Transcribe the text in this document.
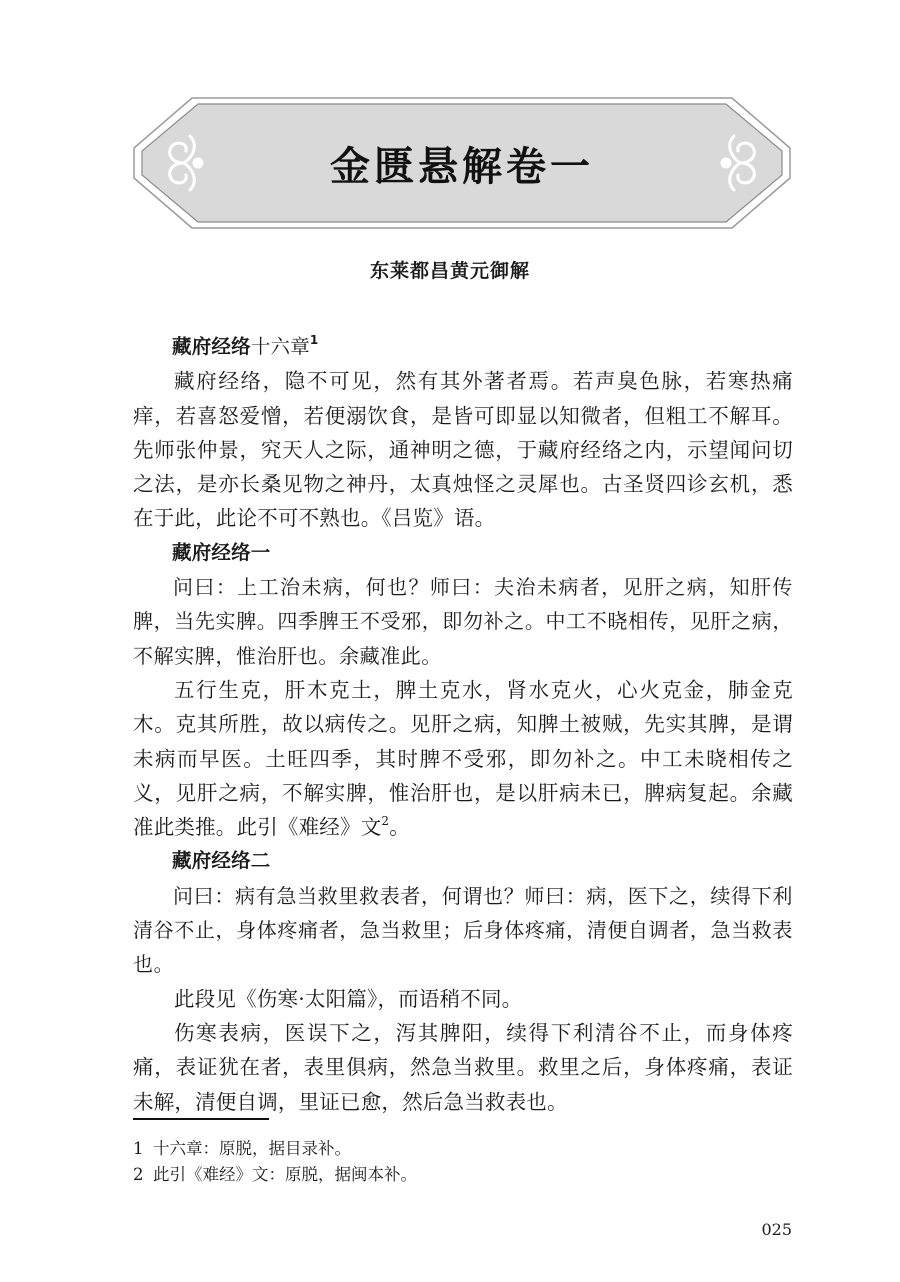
金匮悬解卷一
东莱都昌黄元御解

藏府经络十六章$^1$

藏府经络，隐不可见，然有其外著者焉。若声臭色脉，若寒热痛痒，若喜怒爱憎，若便溺饮食，是皆可即显以知微者，但粗工不解耳。先师张仲景，究天人之际，通神明之德，于藏府经络之内，示望闻问切之法，是亦长桑见物之神丹，太真烛怪之灵犀也。古圣贤四诊玄机，悉在于此，此论不可不熟也。《吕览》语。

藏府经络一

问曰：上工治未病，何也？师曰：夫治未病者，见肝之病，知肝传脾，当先实脾。四季脾王不受邪，即勿补之。中工不晓相传，见肝之病，不解实脾，惟治肝也。余藏准此。

五行生克，肝木克土，脾土克水，肾水克火，心火克金，肺金克木。克其所胜，故以病传之。见肝之病，知脾土被贼，先实其脾，是谓未病而早医。土旺四季，其时脾不受邪，即勿补之。中工未晓相传之义，见肝之病，不解实脾，惟治肝也，是以肝病未已，脾病复起。余藏准此类推。此引《难经》文$^2$。

藏府经络二

问曰：病有急当救里救表者，何谓也？师曰：病，医下之，续得下利清谷不止，身体疼痛者，急当救里；后身体疼痛，清便自调者，急当救表也。

此段见《伤寒·太阳篇》，而语稍不同。

伤寒表病，医误下之，泻其脾阳，续得下利清谷不止，而身体疼痛，表证犹在者，表里俱病，然急当救里。救里之后，身体疼痛，表证未解，清便自调，里证已愈，然后急当救表也。

1 十六章：原脱，据目录补。

2 此引《难经》文：原脱，据闽本补。

025
